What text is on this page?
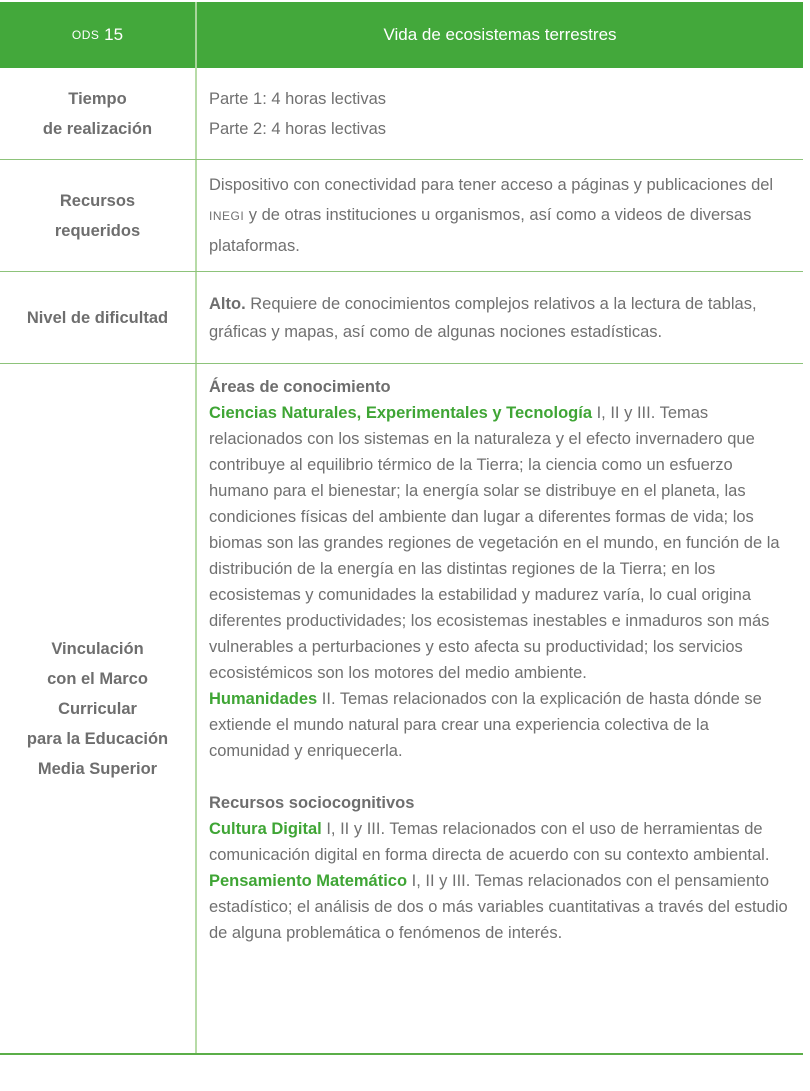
ODS
15	Vida de ecosistemas terrestres
Tiempo
de realización
Parte 1: 4 horas lectivas
Parte 2: 4 horas lectivas
Recursos
requeridos

Dispositivo con conectividad para tener acceso a páginas y publicaciones del INEGI y de otras instituciones u organismos, así como a videos de diversas plataformas.

Nivel de dificultad

Alto. Requiere de conocimientos complejos relativos a la lectura de tablas, gráficas y mapas, así como de algunas nociones estadísticas.

Vinculación
con el Marco
Curricular
para la Educación
Media Superior
Áreas de conocimiento

Ciencias Naturales, Experimentales y Tecnología I, II y III. Temas relacionados con los sistemas en la naturaleza y el efecto invernadero que contribuye al equilibrio térmico de la Tierra; la ciencia como un esfuerzo humano para el bienestar; la energía solar se distribuye en el planeta, las condiciones físicas del ambiente dan lugar a diferentes formas de vida; los biomas son las grandes regiones de vegetación en el mundo, en función de la distribución de la energía en las distintas regiones de la Tierra; en los ecosistemas y comunidades la estabilidad y madurez varía, lo cual origina diferentes productividades; los ecosistemas inestables e inmaduros son más vulnerables a perturbaciones y esto afecta su productividad; los servicios ecosistémicos son los motores del medio ambiente.

Humanidades II. Temas relacionados con la explicación de hasta dónde se extiende el mundo natural para crear una experiencia colectiva de la comunidad y enriquecerla.

Recursos sociocognitivos

Cultura Digital I, II y III. Temas relacionados con el uso de herramientas de comunicación digital en forma directa de acuerdo con su contexto ambiental.

Pensamiento Matemático I, II y III. Temas relacionados con el pensamiento estadístico; el análisis de dos o más variables cuantitativas a través del estudio de alguna problemática o fenómenos de interés.
